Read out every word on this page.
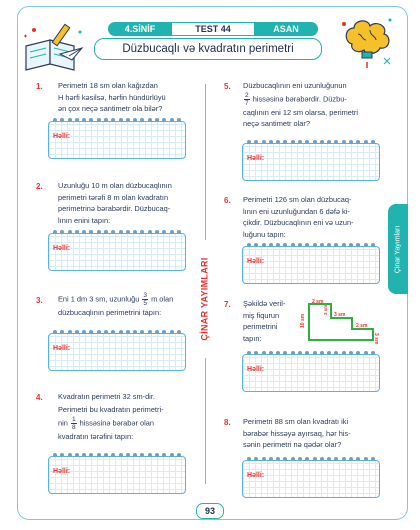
4.SİNİF	TEST 44	ASAN
Düzbucaqlı və kvadratın perimetri
ÇİNAR YAYIMLARI
Çinar Yayımları
1. Perimetri 18 sm olan kağızdan
H hərfi kəsilsə, hərfin hündürlüyü
ən çox neçə santimetr ola bilər?
Həlli:
2. Uzunluğu 10 m olan düzbucaqlının
perimetri tərəfi 8 m olan kvadratın
perimetrinə bərabərdir. Düzbucaq-
lının enini tapın:
Həlli:
3. Eni 1 dm 3 sm, uzunluğu $\frac{3}{5}$ m olan
düzbucaqlının perimetrini tapın:
Həlli:
4. Kvadratın perimetri 32 sm-dir.
Perimetri bu kvadratın perimetri-
nin $\frac{1}{8}$ hissəsinə bərabər olan
kvadratın tərəfini tapın:
Həlli:
5. Düzbucaqlının eni uzunluğunun
$\frac{2}{7}$ hissəsinə bərabərdir. Düzbu-
caqlının eni 12 sm olarsa, perimetri
neçə santimetr olar?
Həlli:
6. Perimetri 126 sm olan düzbucaq-
lının eni uzunluğundan 6 dəfə ki-
çikdir. Düzbucaqlının eni və uzun-
luğunu tapın:
Həlli:
7. Şəkildə veril-
miş fiqurun
perimetrini
tapın:
2 sm
3 sm
2 sm
3 sm
10 sm
3 sm
Həlli:
8. Perimetri 88 sm olan kvadratı iki
bərabər hissəyə ayırsaq, hər his-
sənin perimetri nə qədər olar?
Həlli:
93
